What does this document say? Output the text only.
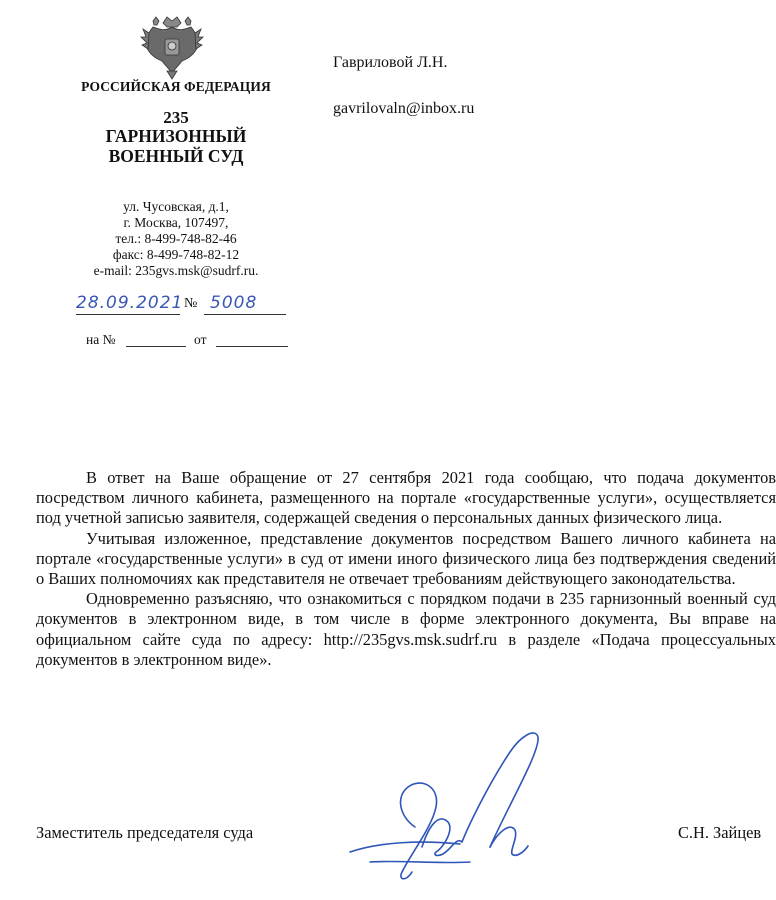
РОССИЙСКАЯ ФЕДЕРАЦИЯ
235
ГАРНИЗОННЫЙ
ВОЕННЫЙ СУД
ул. Чусовская, д.1,
г. Москва, 107497,
тел.: 8-499-748-82-46
факс: 8-499-748-82-12
e-mail: 235gvs.msk@sudrf.ru.
28.09.2021 № 5008
на №	от
Гавриловой Л.Н.
gavrilovaln@inbox.ru

В ответ на Ваше обращение от 27 сентября 2021 года сообщаю, что подача документов посредством личного кабинета, размещенного на портале «государственные услуги», осуществляется под учетной записью заявителя, содержащей сведения о персональных данных физического лица.

Учитывая изложенное, представление документов посредством Вашего личного кабинета на портале «государственные услуги» в суд от имени иного физического лица без подтверждения сведений о Ваших полномочиях как представителя не отвечает требованиям действующего законодательства.

Одновременно разъясняю, что ознакомиться с порядком подачи в 235 гарнизонный военный суд документов в электронном виде, в том числе в форме электронного документа, Вы вправе на официальном сайте суда по адресу: http://235gvs.msk.sudrf.ru в разделе «Подача процессуальных документов в электронном виде».

Заместитель председателя суда	С.Н. Зайцев
